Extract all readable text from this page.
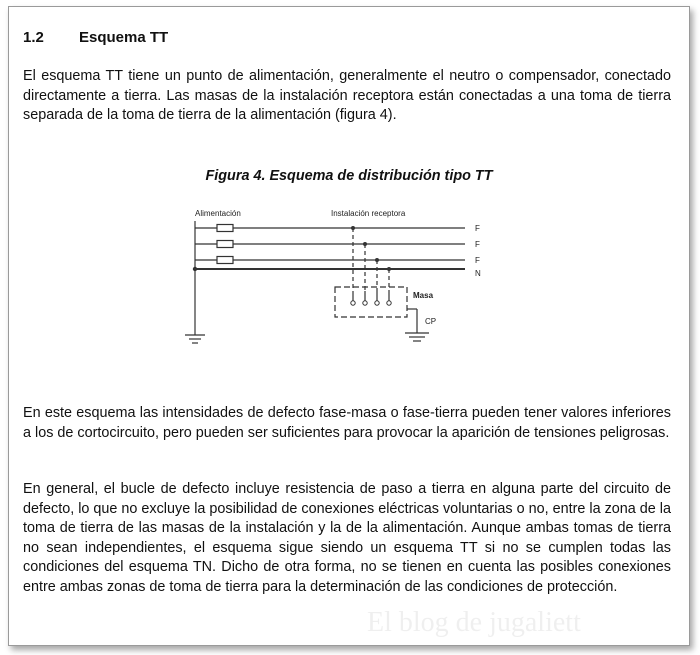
1.2 Esquema TT

El esquema TT tiene un punto de alimentación, generalmente el neutro o compensador, conectado directamente a tierra. Las masas de la instalación receptora están conectadas a una toma de tierra separada de la toma de tierra de la alimentación (figura 4).

Figura 4. Esquema de distribución tipo TT
Alimentación	Instalación receptora
F
F
F
N
Masa
CP

En este esquema las intensidades de defecto fase-masa o fase-tierra pueden tener valores inferiores a los de cortocircuito, pero pueden ser suficientes para provocar la aparición de tensiones peligrosas.

En general, el bucle de defecto incluye resistencia de paso a tierra en alguna parte del circuito de defecto, lo que no excluye la posibilidad de conexiones eléctricas voluntarias o no, entre la zona de la toma de tierra de las masas de la instalación y la de la alimentación. Aunque ambas tomas de tierra no sean independientes, el esquema sigue siendo un esquema TT si no se cumplen todas las condiciones del esquema TN. Dicho de otra forma, no se tienen en cuenta las posibles conexiones entre ambas zonas de toma de tierra para la determinación de las condiciones de protección.

El blog de jugaliett
